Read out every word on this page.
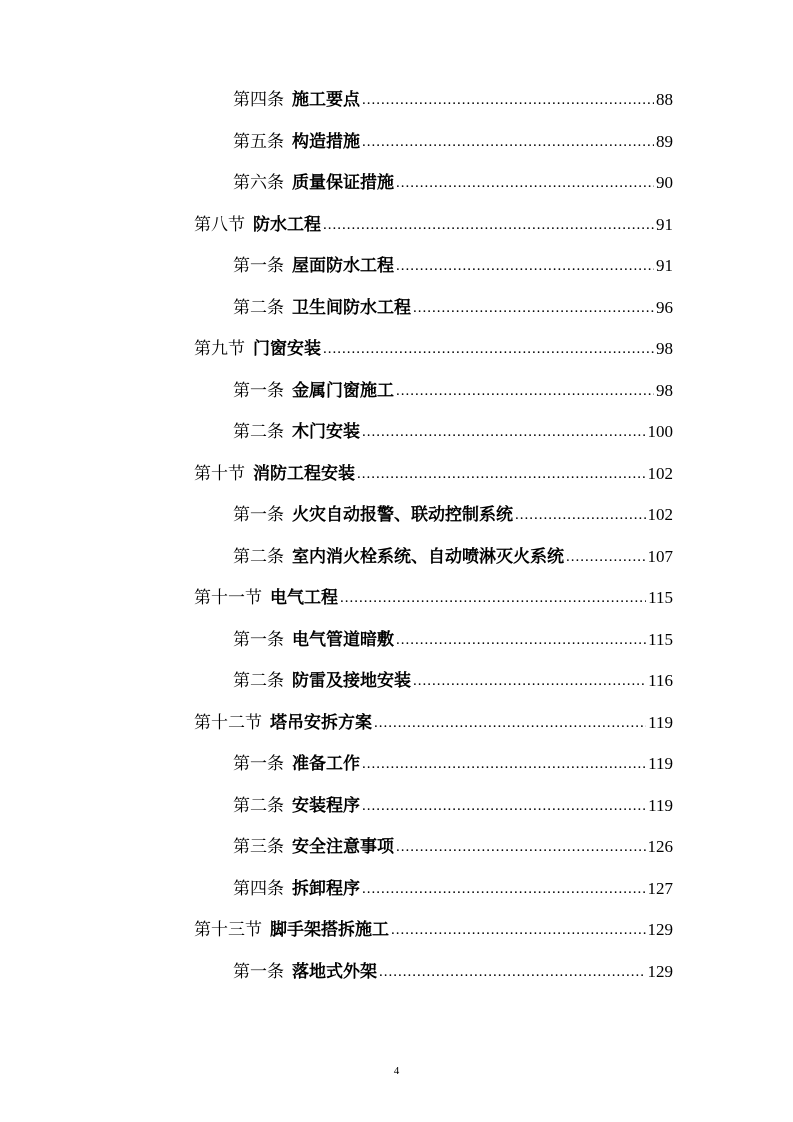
第四条 施工要点 .....	88
第五条 构造措施 .....	89
第六条 质量保证措施 .....	90
第八节 防水工程 .....	91
第一条 屋面防水工程 .....	91
第二条 卫生间防水工程 .....	96
第九节 门窗安装 .....	98
第一条 金属门窗施工 .....	98
第二条 木门安装 .....	100
第十节 消防工程安装 .....	102
第一条 火灾自动报警、联动控制系统 .....	102
第二条 室内消火栓系统、自动喷淋灭火系统 .....	107
第十一节 电气工程 .....	115
第一条 电气管道暗敷 .....	115
第二条 防雷及接地安装 .....	116
第十二节 塔吊安拆方案 .....	119
第一条 准备工作 .....	119
第二条 安装程序 .....	119
第三条 安全注意事项 .....	126
第四条 拆卸程序 .....	127
第十三节 脚手架搭拆施工 .....	129
第一条 落地式外架 .....	129
4
